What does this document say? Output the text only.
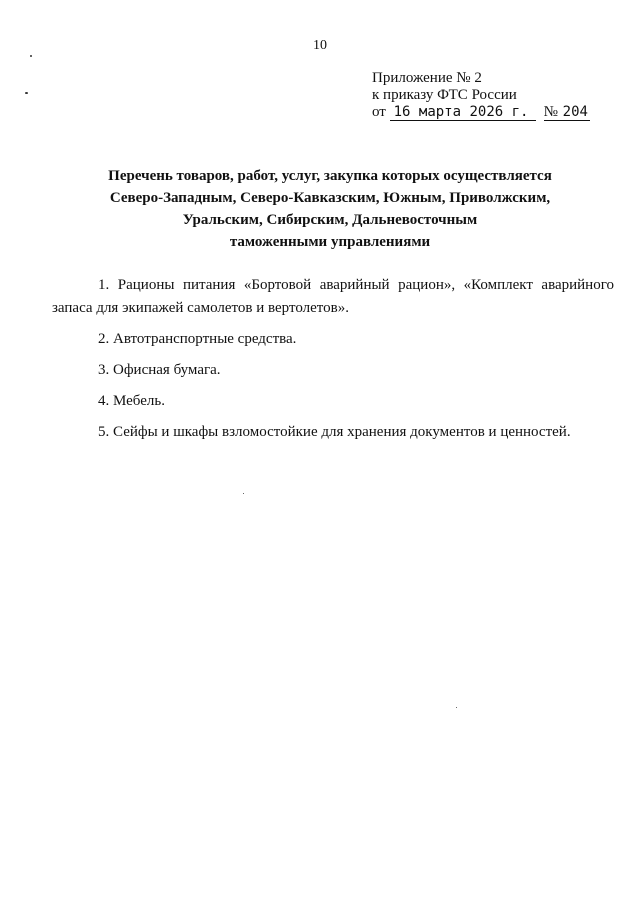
10
Приложение № 2
к приказу ФТС России
от 16 марта 2026 г. № 204
Перечень товаров, работ, услуг, закупка которых осуществляется
Северо-Западным, Северо-Кавказским, Южным, Приволжским,
Уральским, Сибирским, Дальневосточным
таможенными управлениями

1. Рационы питания «Бортовой аварийный рацион», «Комплект аварийного запаса для экипажей самолетов и вертолетов».

2. Автотранспортные средства.

3. Офисная бумага.

4. Мебель.

5. Сейфы и шкафы взломостойкие для хранения документов и ценностей.
